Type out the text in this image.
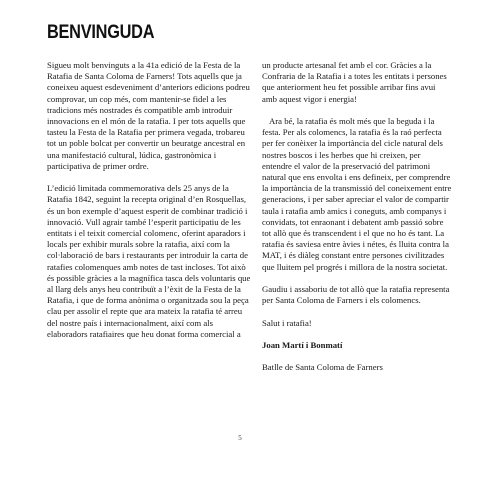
BENVINGUDA

Sigueu molt benvinguts a la 41a edició de la Festa de la Ratafia de Santa Coloma de Farners! Tots aquells que ja coneixeu aquest esdeveniment d’anteriors edicions podreu comprovar, un cop més, com mantenir-se fidel a les tradicions més nostrades és compatible amb introduir innovacions en el món de la ratafia. I per tots aquells que tasteu la Festa de la Ratafia per primera vegada, trobareu tot un poble bolcat per convertir un beuratge ancestral en una manifestació cultural, lúdica, gastronòmica i participativa de primer ordre.

L’edició limitada commemorativa dels 25 anys de la Ratafia 1842, seguint la recepta original d’en Rosquellas, és un bon exemple d’aquest esperit de combinar tradició i innovació. Vull agrair també l’esperit participatiu de les entitats i el teixit comercial colomenc, oferint aparadors i locals per exhibir murals sobre la ratafia, així com la col·laboració de bars i restaurants per introduir la carta de ratafies colomenques amb notes de tast incloses. Tot això és possible gràcies a la magnífica tasca dels voluntaris que al llarg dels anys heu contribuït a l’èxit de la Festa de la Ratafia, i que de forma anònima o organitzada sou la peça clau per assolir el repte que ara mateix la ratafia té arreu del nostre país i internacionalment, així com als elaboradors ratafiaires que heu donat forma comercial a

un producte artesanal fet amb el cor. Gràcies a la Confraria de la Ratafia i a totes les entitats i persones que anteriorment heu fet possible arribar fins avui amb aquest vigor i energia!

Ara bé, la ratafia és molt més que la beguda i la festa. Per als colomencs, la ratafia és la raó perfecta per fer conèixer la importància del cicle natural dels nostres boscos i les herbes que hi creixen, per entendre el valor de la preservació del patrimoni natural que ens envolta i ens defineix, per comprendre la importància de la transmissió del coneixement entre generacions, i per saber apreciar el valor de compartir taula i ratafia amb amics i coneguts, amb companys i convidats, tot enraonant i debatent amb passió sobre tot allò que és transcendent i el que no ho és tant. La ratafia és saviesa entre àvies i nétes, és lluita contra la MAT, i és diàleg constant entre persones civilitzades que lluitem pel progrés i millora de la nostra societat.

Gaudiu i assaboriu de tot allò que la ratafia representa per Santa Coloma de Farners i els colomencs.

Salut i ratafia!

Joan Martí i Bonmatí

Batlle de Santa Coloma de Farners

5
